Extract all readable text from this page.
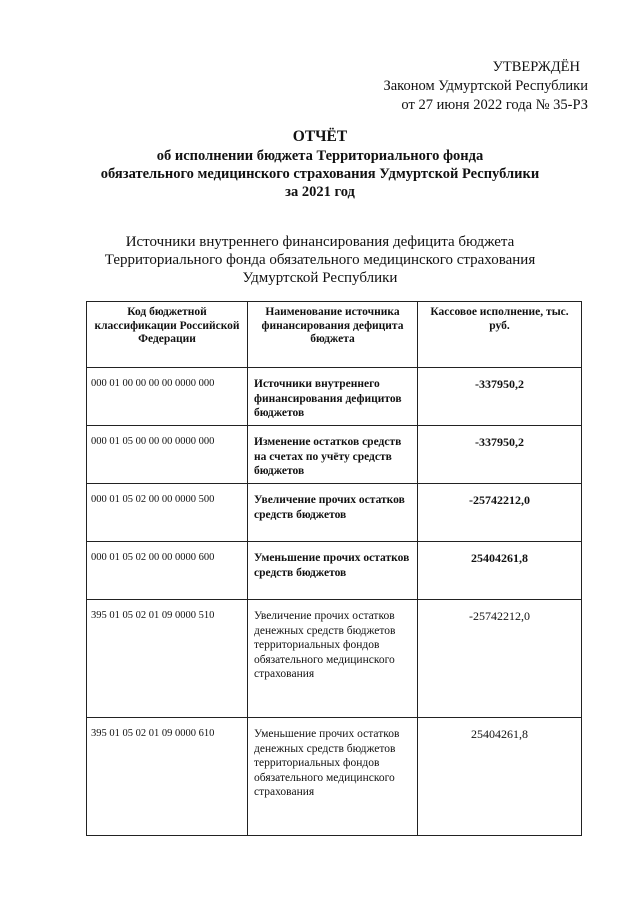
УТВЕРЖДЁН
Законом Удмуртской Республики
от 27 июня 2022 года № 35-РЗ
ОТЧЁТ
об исполнении бюджета Территориального фонда
обязательного медицинского страхования Удмуртской Республики
за 2021 год
Источники внутреннего финансирования дефицита бюджета
Территориального фонда обязательного медицинского страхования
Удмуртской Республики
Код бюджетной классификации Российской Федерации	Наименование источника финансирования дефицита бюджета	Кассовое исполнение, тыс. руб.
000 01 00 00 00 00 0000 000	Источники внутреннего финансирования дефицитов бюджетов	-337950,2
000 01 05 00 00 00 0000 000	Изменение остатков средств на счетах по учёту средств бюджетов	-337950,2
000 01 05 02 00 00 0000 500	Увеличение прочих остатков средств бюджетов	-25742212,0
000 01 05 02 00 00 0000 600	Уменьшение прочих остатков средств бюджетов	25404261,8
395 01 05 02 01 09 0000 510	Увеличение прочих остатков денежных средств бюджетов территориальных фондов обязательного медицинского страхования	-25742212,0
395 01 05 02 01 09 0000 610	Уменьшение прочих остатков денежных средств бюджетов территориальных фондов обязательного медицинского страхования	25404261,8
